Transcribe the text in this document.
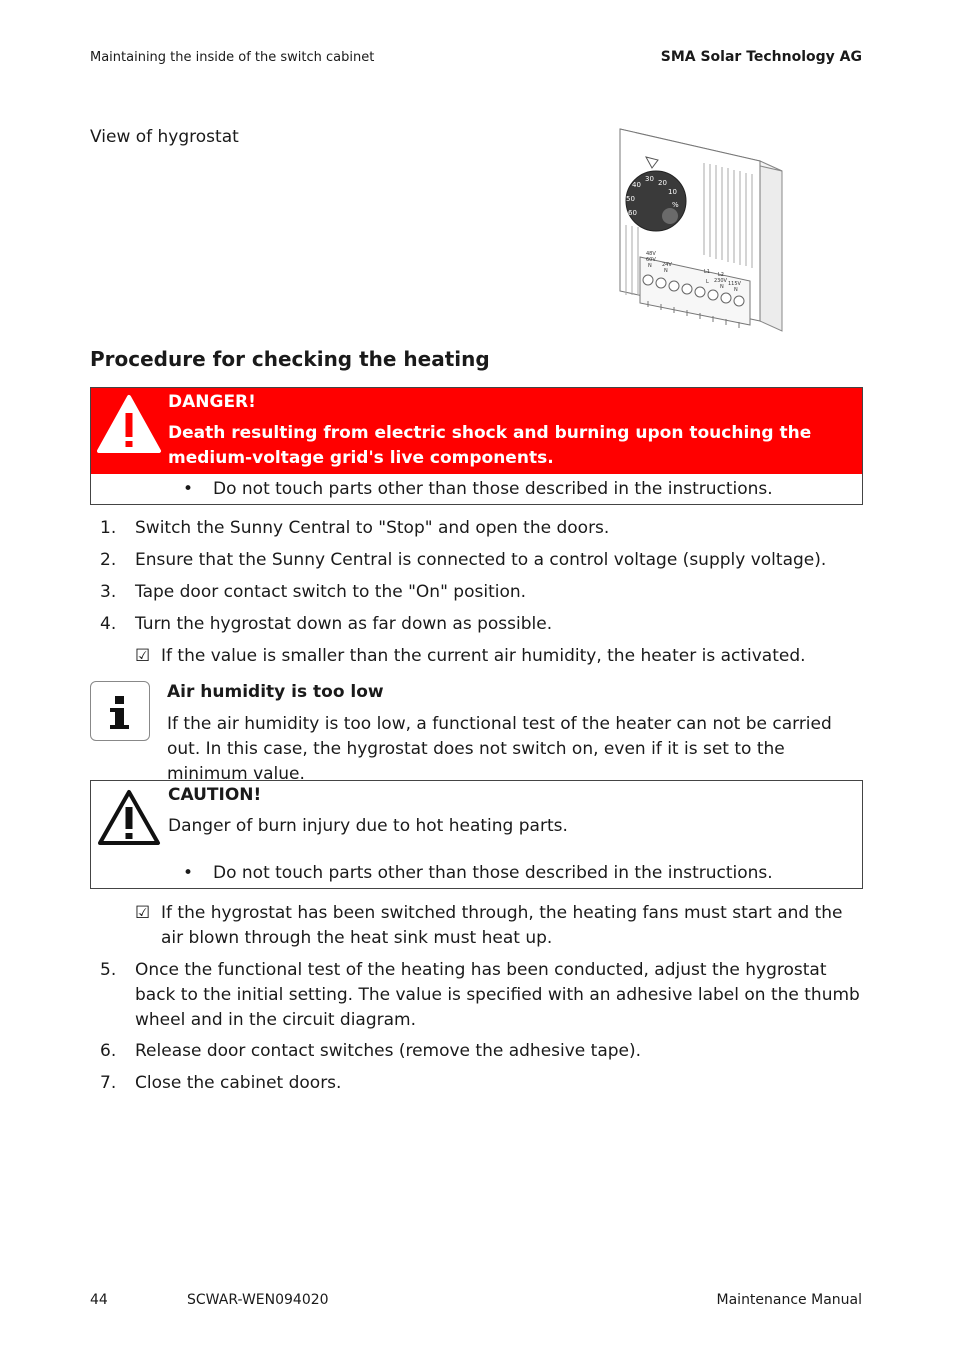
Maintaining the inside of the switch cabinet	SMA Solar Technology AG
View of hygrostat
40
30 20
10
50
60
%
48V
60V
N 24V
N	L1 L2
230V 115V
L
N N
Procedure for checking the heating
DANGER!
Death resulting from electric shock and burning upon touching the medium-voltage grid's live components.
• Do not touch parts other than those described in the instructions.
1. Switch the Sunny Central to "Stop" and open the doors.
2. Ensure that the Sunny Central is connected to a control voltage (supply voltage).
3. Tape door contact switch to the "On" position.
4. Turn the hygrostat down as far down as possible.
☑ If the value is smaller than the current air humidity, the heater is activated.
Air humidity is too low
If the air humidity is too low, a functional test of the heater can not be carried out. In this case, the hygrostat does not switch on, even if it is set to the minimum value.
CAUTION!
Danger of burn injury due to hot heating parts.
• Do not touch parts other than those described in the instructions.
☑ If the hygrostat has been switched through, the heating fans must start and the air blown through the heat sink must heat up.
5. Once the functional test of the heating has been conducted, adjust the hygrostat back to the initial setting. The value is specified with an adhesive label on the thumb wheel and in the circuit diagram.
6. Release door contact switches (remove the adhesive tape).
7. Close the cabinet doors.
44	SCWAR-WEN094020	Maintenance Manual
